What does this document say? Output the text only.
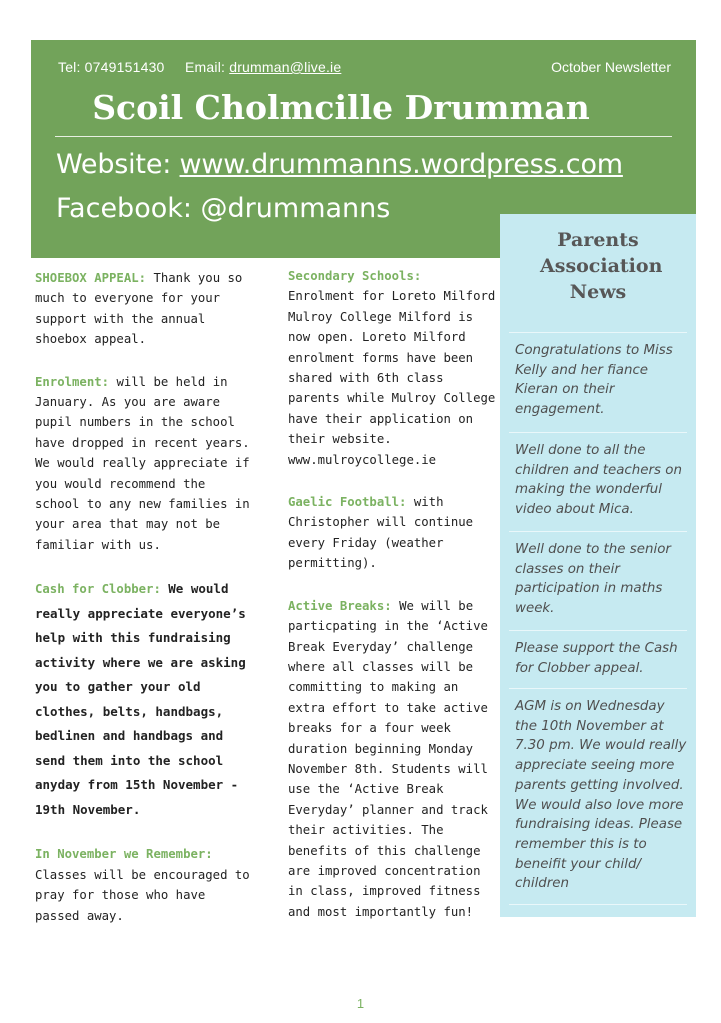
Tel: 0749151430 Email: drumman@live.ie	October Newsletter
Scoil Cholmcille Drumman
Website: www.drummanns.wordpress.com
Facebook: @drummanns

SHOEBOX APPEAL: Thank you so much to everyone for your support with the annual shoebox appeal.

Enrolment: will be held in January. As you are aware pupil numbers in the school have dropped in recent years. We would really appreciate if you would recommend the school to any new families in your area that may not be familiar with us.

Cash for Clobber: We would really appreciate everyone’s help with this fundraising activity where we are asking you to gather your old clothes, belts, handbags, bedlinen and handbags and send them into the school anyday from 15th November - 19th November.

In November we Remember: Classes will be encouraged to pray for those who have passed away.

Secondary Schools:
Enrolment for Loreto Milford Mulroy College Milford is now open. Loreto Milford enrolment forms have been shared with 6th class parents while Mulroy College have their application on their website. www.mulroycollege.ie

Gaelic Football: with Christopher will continue every Friday (weather permitting).

Active Breaks: We will be particpating in the ‘Active Break Everyday’ challenge where all classes will be committing to making an extra effort to take active breaks for a four week duration beginning Monday November 8th. Students will use the ‘Active Break Everyday’ planner and track their activities. The benefits of this challenge are improved concentration in class, improved fitness and most importantly fun!

Parents Association News
Congratulations to Miss Kelly and her fiance Kieran on their engagement.
Well done to all the children and teachers on making the wonderful video about Mica.
Well done to the senior classes on their participation in maths week.
Please support the Cash for Clobber appeal.
AGM is on Wednesday the 10th November at 7.30 pm. We would really appreciate seeing more parents getting involved. We would also love more fundraising ideas. Please remember this is to beneifit your child/ children
1
